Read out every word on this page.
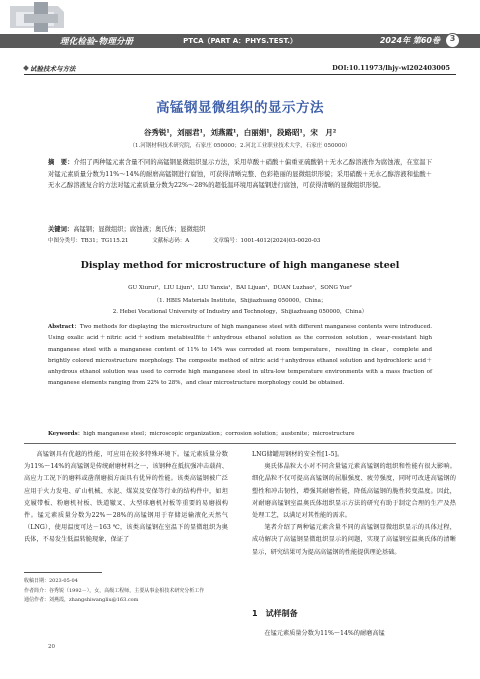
理化检验-物理分册	PTCA（PART A：PHYS.TEST.）	2024年 第60卷	3
试验技术与方法	DOI:10.11973/lhjy-wl202403005
高锰钢显微组织的显示方法
谷秀锐¹，刘丽君¹，刘燕霞¹，白丽娟¹，段路昭¹，宋　月²
（1.河钢材料技术研究院，石家庄 050000；2.河北工业职业技术大学，石家庄 050000）
摘　要：介绍了两种锰元素含量不同的高锰钢显微组织显示方法，采用草酸＋硝酸＋偏重亚硫酸钠＋无水乙醇溶液作为腐蚀液，在室温下对锰元素质量分数为11%～14%的耐磨高锰钢进行腐蚀，可获得清晰完整、色彩艳丽的显微组织形貌；采用硝酸＋无水乙醇溶液和盐酸＋无水乙醇溶液复合的方法对锰元素质量分数为22%～28%的超低温环境用高锰钢进行腐蚀，可获得清晰的显微组织形貌。
关键词：高锰钢；显微组织；腐蚀液；奥氏体；显微组织
中图分类号：TB31；TG115.21	文献标志码：A	文章编号：1001-4012(2024)03-0020-03
Display method for microstructure of high manganese steel
GU Xiurui¹，LIU Lijun¹，LIU Yanxia¹，BAI Lijuan¹，DUAN Luzhao¹，SONG Yue²
（1. HBIS Materials Institute，Shijiazhuang 050000，China；
2. Hebei Vocational University of Industry and Technology，Shijiazhuang 050000，China）
Abstract：Two methods for displaying the microstructure of high manganese steel with different manganese contents were introduced. Using oxalic acid＋nitric acid＋sodium metabisulfite＋anhydrous ethanol solution as the corrosion solution，wear-resistant high manganese steel with a manganese content of 11% to 14% was corroded at room temperature，resulting in clear，complete and brightly colored microstructure morphology. The composite method of nitric acid＋anhydrous ethanol solution and hydrochloric acid＋anhydrous ethanol solution was used to corrode high manganese steel in ultra-low temperature environments with a mass fraction of manganese elements ranging from 22% to 28%，and clear microstructure morphology could be obtained.
Keywords：high manganese steel；microscopic organization；corrosion solution；austenite；microstructure
高锰钢具有优越的性能，可应用在较多特殊环境下。锰元素质量分数为11%～14%的高锰钢是传统耐磨材料之一，该钢种在抵抗强冲击载荷、高应力工况下的磨料或凿削磨损方面具有优异的性能。该类高锰钢被广泛应用于火力发电、矿山机械、水泥、煤炭及安保等行业的结构件中，如坦克履带板、粉磨机衬板、铁道辙叉、大型球磨机衬板等重要的易磨损构件。锰元素质量分数为22%～28%的高锰钢用于存储运输液化天然气（LNG），使用温度可达－163 ℃，该类高锰钢在室温下的显微组织为奥氏体，不易发生低温转脆现象，保证了
LNG储罐用钢材的安全性[1-5]。
奥氏体晶粒大小对不同含量锰元素高锰钢的组织和性能有很大影响。细化晶粒不仅可提高高锰钢的屈服强度、疲劳强度，同时可改进高锰钢的塑性和冲击韧性，增强其耐磨性能，降低高锰钢的脆性转变温度。因此，对耐磨高锰钢室温奥氏体组织显示方法的研究有助于制定合理的生产及热处理工艺，以满足对其性能的需求。
笔者介绍了两种锰元素含量不同的高锰钢显微组织显示的具体过程，成功解决了高锰钢显微组织显示的问题，实现了高锰钢室温奥氏体的清晰显示，研究结果可为提高高锰钢的性能提供理论基础。
1　试样制备
在锰元素质量分数为11%～14%的耐磨高锰
收稿日期：2023-05-04
作者简介：谷秀锐（1992－），女，高级工程师，主要从事金相技术研究分析工作
通信作者：刘燕霞，zhangshiwangliu@163.com
20
